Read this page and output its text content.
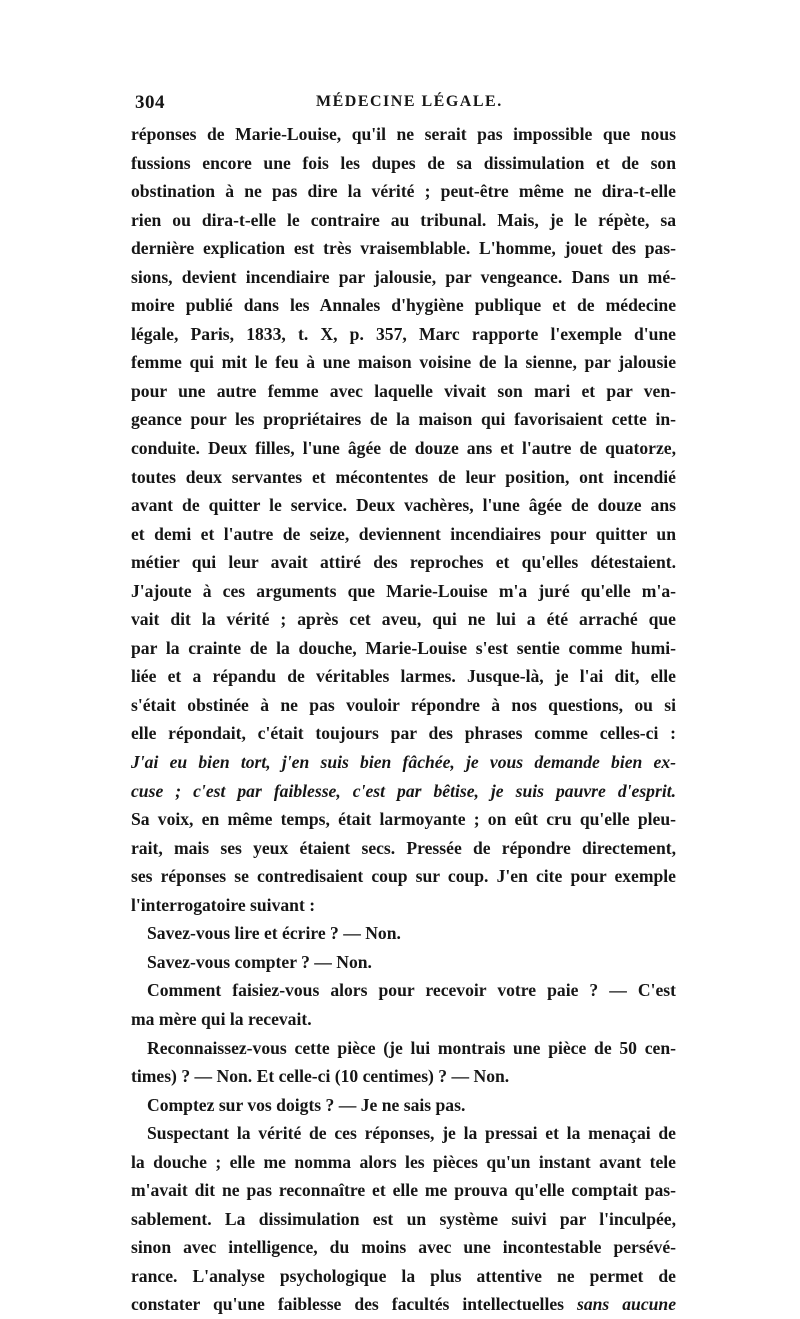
304	MÉDECINE LÉGALE.
réponses de Marie-Louise, qu'il ne serait pas impossible que nous
fussions encore une fois les dupes de sa dissimulation et de son
obstination à ne pas dire la vérité ; peut-être même ne dira-t-elle
rien ou dira-t-elle le contraire au tribunal. Mais, je le répète, sa
dernière explication est très vraisemblable. L'homme, jouet des pas-
sions, devient incendiaire par jalousie, par vengeance. Dans un mé-
moire publié dans les Annales d'hygiène publique et de médecine
légale, Paris, 1833, t. X, p. 357, Marc rapporte l'exemple d'une
femme qui mit le feu à une maison voisine de la sienne, par jalousie
pour une autre femme avec laquelle vivait son mari et par ven-
geance pour les propriétaires de la maison qui favorisaient cette in-
conduite. Deux filles, l'une âgée de douze ans et l'autre de quatorze,
toutes deux servantes et mécontentes de leur position, ont incendié
avant de quitter le service. Deux vachères, l'une âgée de douze ans
et demi et l'autre de seize, deviennent incendiaires pour quitter un
métier qui leur avait attiré des reproches et qu'elles détestaient.
J'ajoute à ces arguments que Marie-Louise m'a juré qu'elle m'a-
vait dit la vérité ; après cet aveu, qui ne lui a été arraché que
par la crainte de la douche, Marie-Louise s'est sentie comme humi-
liée et a répandu de véritables larmes. Jusque-là, je l'ai dit, elle
s'était obstinée à ne pas vouloir répondre à nos questions, ou si
elle répondait, c'était toujours par des phrases comme celles-ci :
J'ai eu bien tort, j'en suis bien fâchée, je vous demande bien ex-
cuse ; c'est par faiblesse, c'est par bêtise, je suis pauvre d'esprit.
Sa voix, en même temps, était larmoyante ; on eût cru qu'elle pleu-
rait, mais ses yeux étaient secs. Pressée de répondre directement,
ses réponses se contredisaient coup sur coup. J'en cite pour exemple
l'interrogatoire suivant :
Savez-vous lire et écrire ? — Non.
Savez-vous compter ? — Non.
Comment faisiez-vous alors pour recevoir votre paie ? — C'est
ma mère qui la recevait.
Reconnaissez-vous cette pièce (je lui montrais une pièce de 50 cen-
times) ? — Non. Et celle-ci (10 centimes) ? — Non.
Comptez sur vos doigts ? — Je ne sais pas.
Suspectant la vérité de ces réponses, je la pressai et la menaçai de
la douche ; elle me nomma alors les pièces qu'un instant avant tele
m'avait dit ne pas reconnaître et elle me prouva qu'elle comptait pas-
sablement. La dissimulation est un système suivi par l'inculpée,
sinon avec intelligence, du moins avec une incontestable persévé-
rance. L'analyse psychologique la plus attentive ne permet de
constater qu'une faiblesse des facultés intellectuelles sans aucune
